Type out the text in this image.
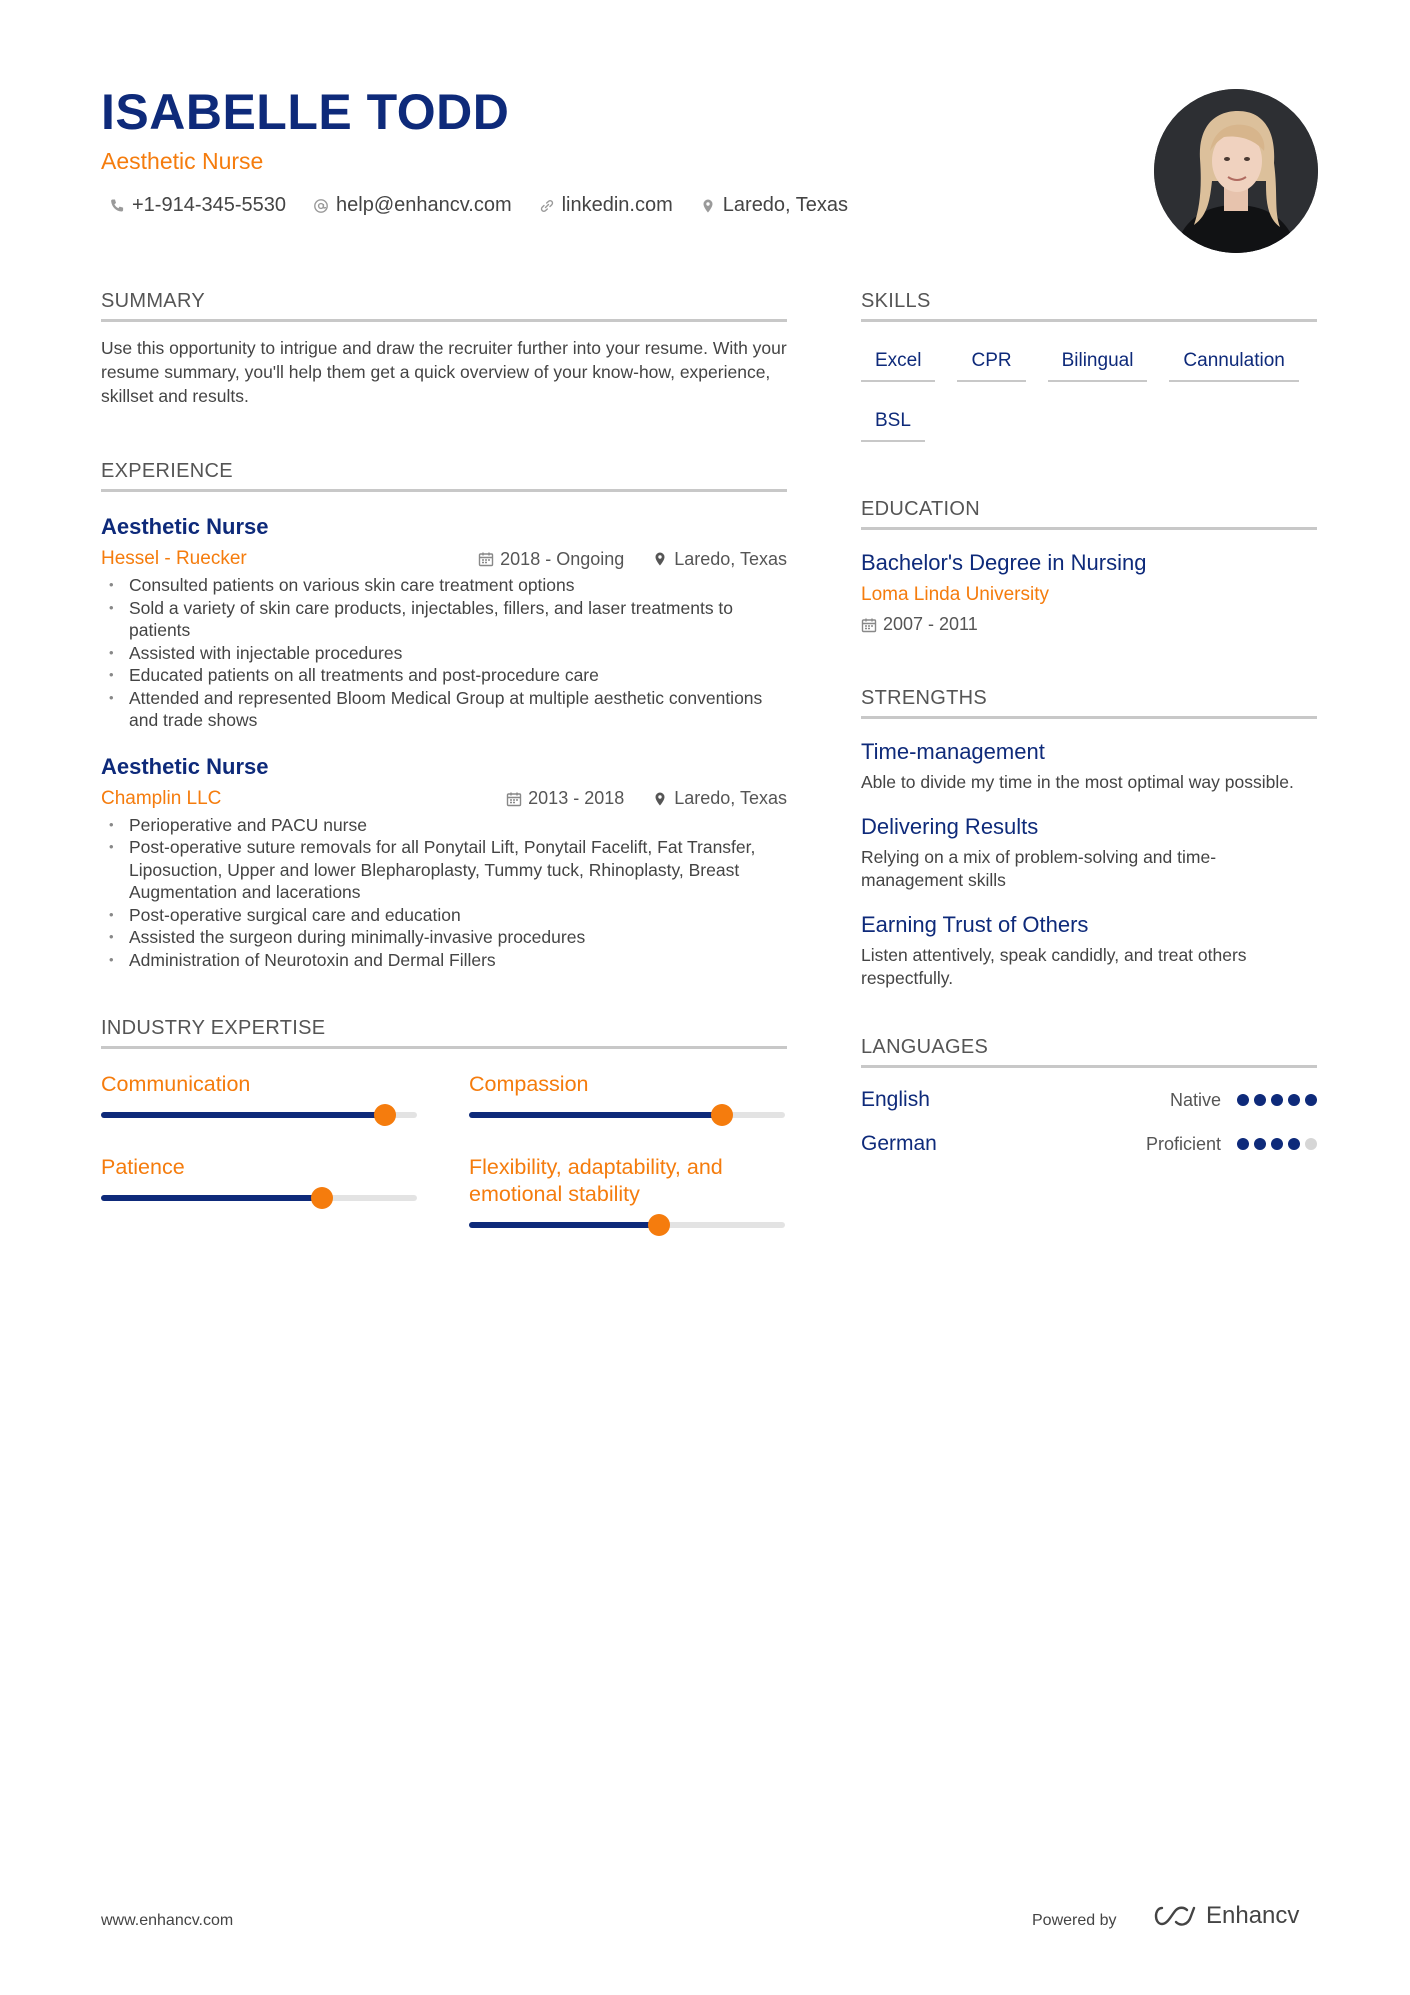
ISABELLE TODD
Aesthetic Nurse
+1-914-345-5530	help@enhancv.com	linkedin.com	Laredo, Texas
SUMMARY

Use this opportunity to intrigue and draw the recruiter further into your resume. With your resume summary, you'll help them get a quick overview of your know-how, experience, skillset and results.

EXPERIENCE
Aesthetic Nurse
Hessel - Ruecker	2018 - Ongoing	Laredo, Texas
• Consulted patients on various skin care treatment options
• Sold a variety of skin care products, injectables, fillers, and laser treatments to patients
• Assisted with injectable procedures
• Educated patients on all treatments and post-procedure care
• Attended and represented Bloom Medical Group at multiple aesthetic conventions and trade shows
Aesthetic Nurse
Champlin LLC	2013 - 2018	Laredo, Texas
• Perioperative and PACU nurse
• Post-operative suture removals for all Ponytail Lift, Ponytail Facelift, Fat Transfer, Liposuction, Upper and lower Blepharoplasty, Tummy tuck, Rhinoplasty, Breast Augmentation and lacerations
• Post-operative surgical care and education
• Assisted the surgeon during minimally-invasive procedures
• Administration of Neurotoxin and Dermal Fillers
INDUSTRY EXPERTISE
Communication	Compassion
Patience	Flexibility, adaptability, and emotional stability
SKILLS
Excel	CPR	Bilingual	Cannulation
BSL
EDUCATION
Bachelor's Degree in Nursing
Loma Linda University
2007 - 2011
STRENGTHS
Time-management
Able to divide my time in the most optimal way possible.
Delivering Results
Relying on a mix of problem-solving and time-management skills
Earning Trust of Others
Listen attentively, speak candidly, and treat others respectfully.
LANGUAGES
English	Native
German	Proficient
www.enhancv.com	Powered by	Enhancv
